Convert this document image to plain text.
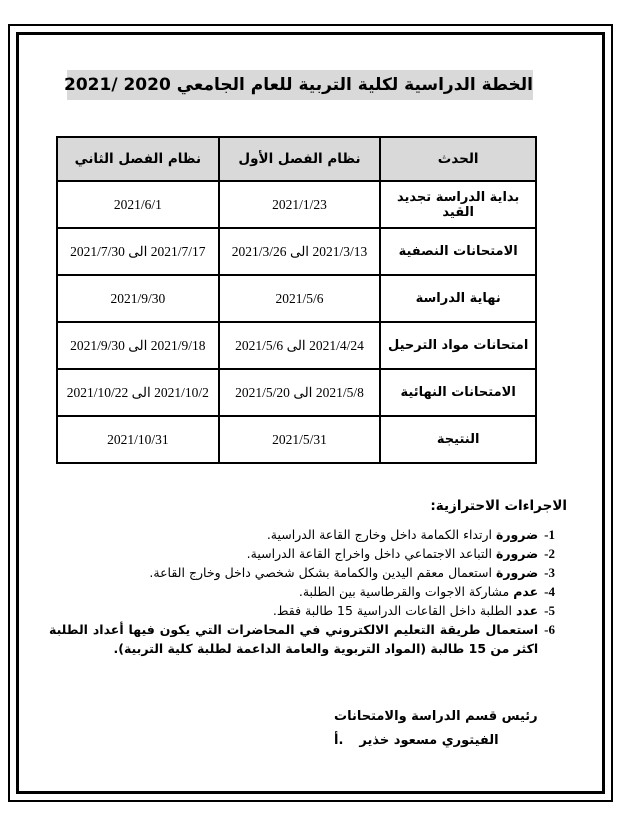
الخطة الدراسية لكلية التربية للعام الجامعي 2020 /2021
الحدث	نظام الفصل الأول	نظام الفصل الثاني
بداية الدراسة تجديد القيد	2021/1/23	2021/6/1
الامتحانات النصفية	2021/3/13 الى 2021/3/26	2021/7/17 الى 2021/7/30
نهاية الدراسة	2021/5/6	2021/9/30
امتحانات مواد الترحيل	2021/4/24 الى 2021/5/6	2021/9/18 الى 2021/9/30
الامتحانات النهائية	2021/5/8 الى 2021/5/20	2021/10/2 الى 2021/10/22
النتيجة	2021/5/31	2021/10/31
الاجراءات الاحترازية:
1-
ضرورة ارتداء الكمامة داخل وخارج القاعة الدراسية.
2-
ضرورة التباعد الاجتماعي داخل واخراج القاعة الدراسية.
3-
ضرورة استعمال معقم اليدين والكمامة بشكل شخصي داخل وخارج القاعة.
4-
عدم مشاركة الاجوات والقرطاسية بين الطلبة.
5-
عدد الطلبة داخل القاعات الدراسية 15 طالبة فقط.
6-
استعمال طريقة التعليم الالكتروني في المحاضرات التي يكون فيها أعداد الطلبة اكثر من 15 طالبة (المواد التربوية والعامة الداعمة لطلبة كلية التربية).
رئيس قسم الدراسة والامتحانات
أ. الفيتوري مسعود خذير
